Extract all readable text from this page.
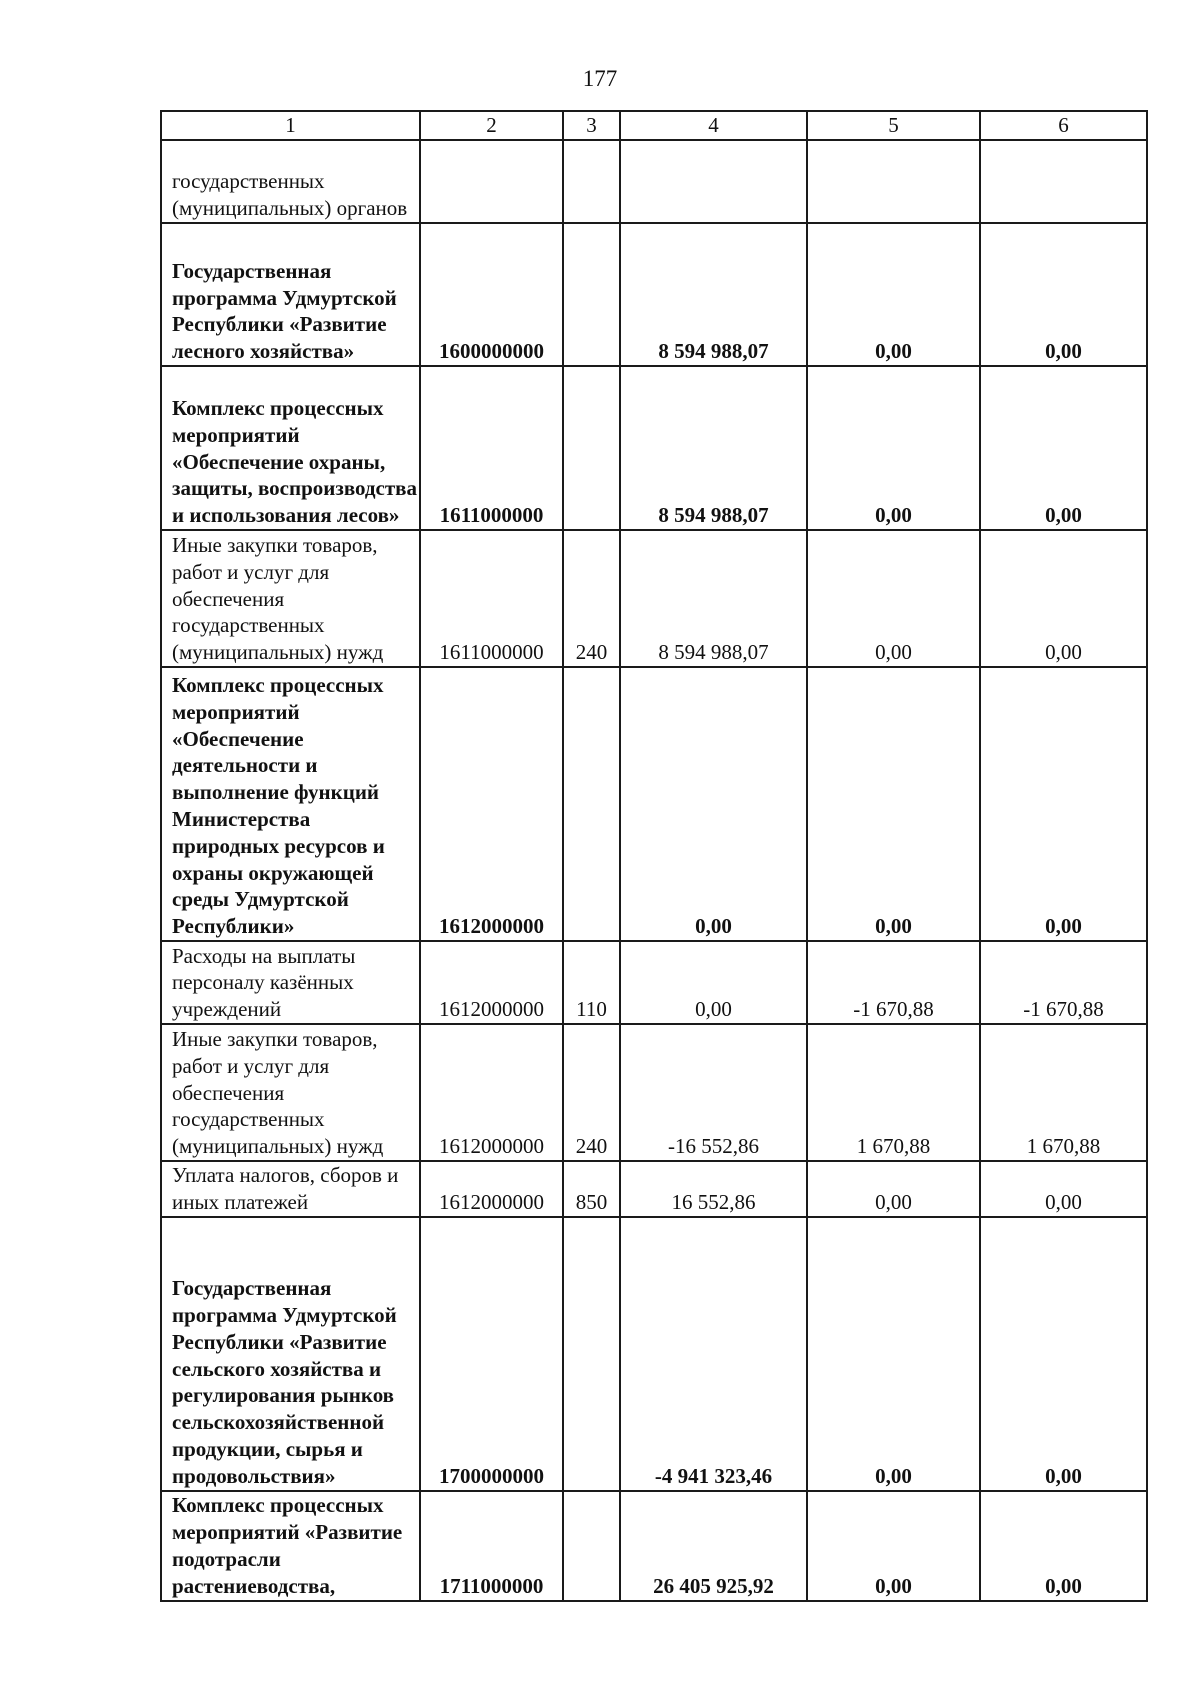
177
1	2	3	4	5	6
государственных (муниципальных) органов					
Государственная программа Удмуртской Республики «Развитие лесного хозяйства»	1600000000		8 594 988,07	0,00	0,00
Комплекс процессных мероприятий «Обеспечение охраны, защиты, воспроизводства и использования лесов»	1611000000		8 594 988,07	0,00	0,00
Иные закупки товаров, работ и услуг для обеспечения государственных (муниципальных) нужд	1611000000	240	8 594 988,07	0,00	0,00
Комплекс процессных мероприятий «Обеспечение деятельности и выполнение функций Министерства природных ресурсов и охраны окружающей среды Удмуртской Республики»	1612000000		0,00	0,00	0,00
Расходы на выплаты персоналу казённых учреждений	1612000000	110	0,00	-1 670,88	-1 670,88
Иные закупки товаров, работ и услуг для обеспечения государственных (муниципальных) нужд	1612000000	240	-16 552,86	1 670,88	1 670,88
Уплата налогов, сборов и иных платежей	1612000000	850	16 552,86	0,00	0,00
Государственная программа Удмуртской Республики «Развитие сельского хозяйства и регулирования рынков сельскохозяйственной продукции, сырья и продовольствия»	1700000000		-4 941 323,46	0,00	0,00
Комплекс процессных мероприятий «Развитие подотрасли растениеводства,	1711000000		26 405 925,92	0,00	0,00
